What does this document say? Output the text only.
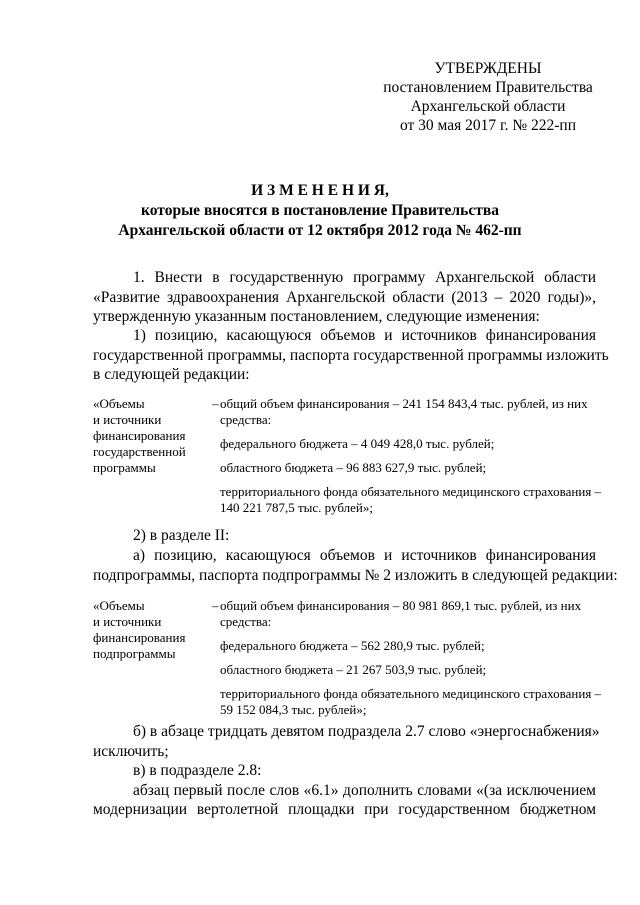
УТВЕРЖДЕНЫ
постановлением Правительства
Архангельской области
от 30 мая 2017 г. № 222-пп
И З М Е Н Е Н И Я,
которые вносятся в постановление Правительства
Архангельской области от 12 октября 2012 года № 462-пп
1. Внести в государственную программу Архангельской области
«Развитие здравоохранения Архангельской области (2013 – 2020 годы)»,
утвержденную указанным постановлением, следующие изменения:
1) позицию, касающуюся объемов и источников финансирования
государственной программы, паспорта государственной программы изложить
в следующей редакции:
«Объемы
и источники
финансирования
государственной
программы
– общий объем финансирования – 241 154 843,4 тыс. рублей, из них
средства:
федерального бюджета – 4 049 428,0 тыс. рублей;
областного бюджета – 96 883 627,9 тыс. рублей;
территориального фонда обязательного медицинского страхования –
140 221 787,5 тыс. рублей»;
2) в разделе II:
а) позицию, касающуюся объемов и источников финансирования
подпрограммы, паспорта подпрограммы № 2 изложить в следующей редакции:
«Объемы
и источники
финансирования
подпрограммы
– общий объем финансирования – 80 981 869,1 тыс. рублей, из них
средства:
федерального бюджета – 562 280,9 тыс. рублей;
областного бюджета – 21 267 503,9 тыс. рублей;
территориального фонда обязательного медицинского страхования –
59 152 084,3 тыс. рублей»;
б) в абзаце тридцать девятом подраздела 2.7 слово «энергоснабжения»
исключить;
в) в подразделе 2.8:
абзац первый после слов «6.1» дополнить словами «(за исключением
модернизации вертолетной площадки при государственном бюджетном
